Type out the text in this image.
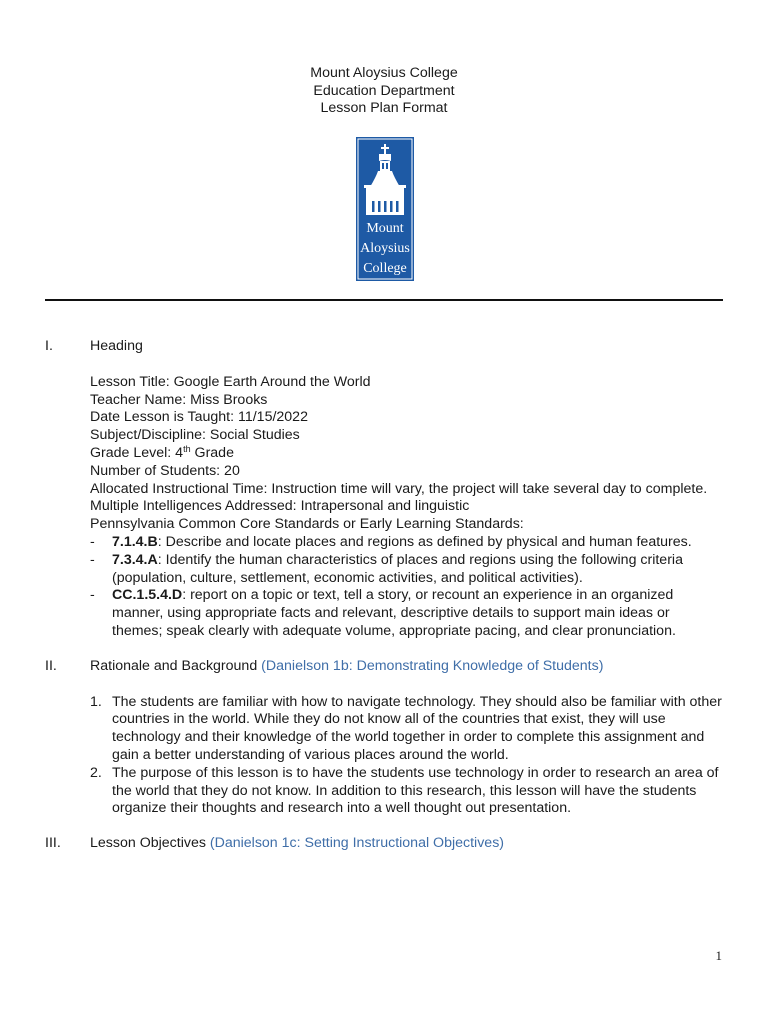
Mount Aloysius College
Education Department
Lesson Plan Format
Mount
Aloysius
College
I.	Heading
Lesson Title: Google Earth Around the World
Teacher Name: Miss Brooks
Date Lesson is Taught: 11/15/2022
Subject/Discipline: Social Studies
Grade Level: 4th Grade
Number of Students: 20
Allocated Instructional Time: Instruction time will vary, the project will take several day to complete.
Multiple Intelligences Addressed: Intrapersonal and linguistic
Pennsylvania Common Core Standards or Early Learning Standards:
- 7.1.4.B: Describe and locate places and regions as defined by physical and human features.
- 7.3.4.A: Identify the human characteristics of places and regions using the following criteria (population, culture, settlement, economic activities, and political activities).
- CC.1.5.4.D: report on a topic or text, tell a story, or recount an experience in an organized manner, using appropriate facts and relevant, descriptive details to support main ideas or themes; speak clearly with adequate volume, appropriate pacing, and clear pronunciation.
II. Rationale and Background (Danielson 1b: Demonstrating Knowledge of Students)
1. The students are familiar with how to navigate technology. They should also be familiar with other countries in the world. While they do not know all of the countries that exist, they will use technology and their knowledge of the world together in order to complete this assignment and gain a better understanding of various places around the world.
2. The purpose of this lesson is to have the students use technology in order to research an area of the world that they do not know. In addition to this research, this lesson will have the students organize their thoughts and research into a well thought out presentation.
III. Lesson Objectives (Danielson 1c: Setting Instructional Objectives)
1
